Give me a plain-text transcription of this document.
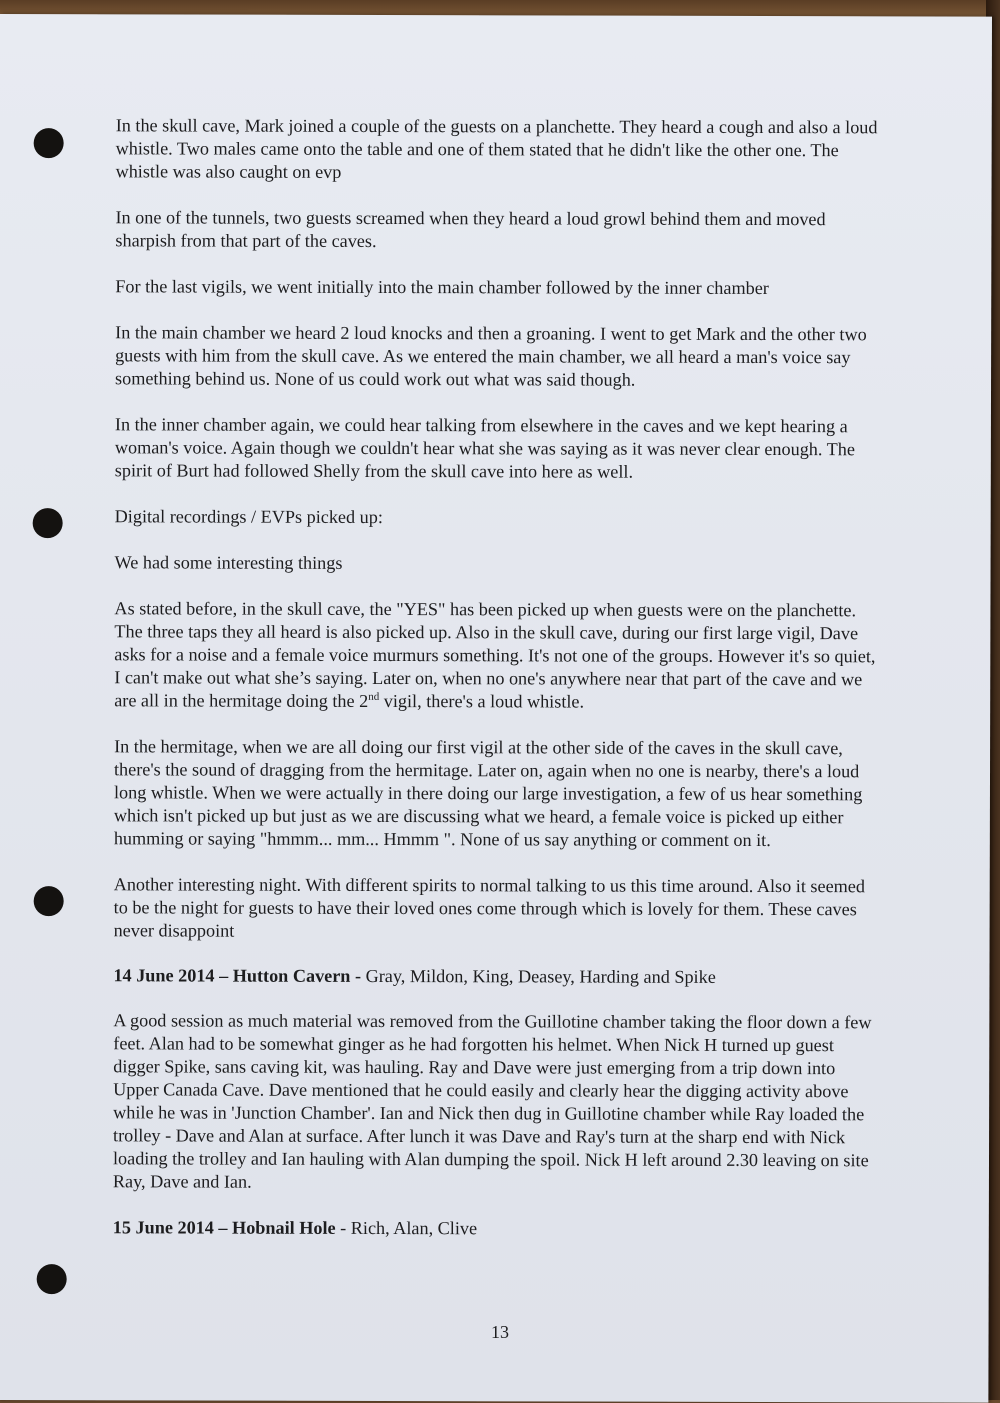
In the skull cave, Mark joined a couple of the guests on a planchette. They heard a cough and also a loud whistle. Two males came onto the table and one of them stated that he didn't like the other one. The whistle was also caught on evp

In one of the tunnels, two guests screamed when they heard a loud growl behind them and moved sharpish from that part of the caves.

For the last vigils, we went initially into the main chamber followed by the inner chamber

In the main chamber we heard 2 loud knocks and then a groaning. I went to get Mark and the other two guests with him from the skull cave. As we entered the main chamber, we all heard a man's voice say something behind us. None of us could work out what was said though.

In the inner chamber again, we could hear talking from elsewhere in the caves and we kept hearing a woman's voice. Again though we couldn't hear what she was saying as it was never clear enough. The spirit of Burt had followed Shelly from the skull cave into here as well.

Digital recordings / EVPs picked up:

We had some interesting things

As stated before, in the skull cave, the "YES" has been picked up when guests were on the planchette. The three taps they all heard is also picked up. Also in the skull cave, during our first large vigil, Dave asks for a noise and a female voice murmurs something. It's not one of the groups. However it's so quiet, I can't make out what she’s saying. Later on, when no one's anywhere near that part of the cave and we are all in the hermitage doing the 2nd vigil, there's a loud whistle.

In the hermitage, when we are all doing our first vigil at the other side of the caves in the skull cave, there's the sound of dragging from the hermitage. Later on, again when no one is nearby, there's a loud long whistle. When we were actually in there doing our large investigation, a few of us hear something which isn't picked up but just as we are discussing what we heard, a female voice is picked up either humming or saying "hmmm... mm... Hmmm ". None of us say anything or comment on it.

Another interesting night. With different spirits to normal talking to us this time around. Also it seemed to be the night for guests to have their loved ones come through which is lovely for them. These caves never disappoint

14 June 2014 – Hutton Cavern - Gray, Mildon, King, Deasey, Harding and Spike

A good session as much material was removed from the Guillotine chamber taking the floor down a few feet. Alan had to be somewhat ginger as he had forgotten his helmet. When Nick H turned up guest digger Spike, sans caving kit, was hauling. Ray and Dave were just emerging from a trip down into Upper Canada Cave. Dave mentioned that he could easily and clearly hear the digging activity above while he was in 'Junction Chamber'. Ian and Nick then dug in Guillotine chamber while Ray loaded the trolley - Dave and Alan at surface. After lunch it was Dave and Ray's turn at the sharp end with Nick loading the trolley and Ian hauling with Alan dumping the spoil. Nick H left around 2.30 leaving on site Ray, Dave and Ian.

15 June 2014 – Hobnail Hole - Rich, Alan, Clive

13
